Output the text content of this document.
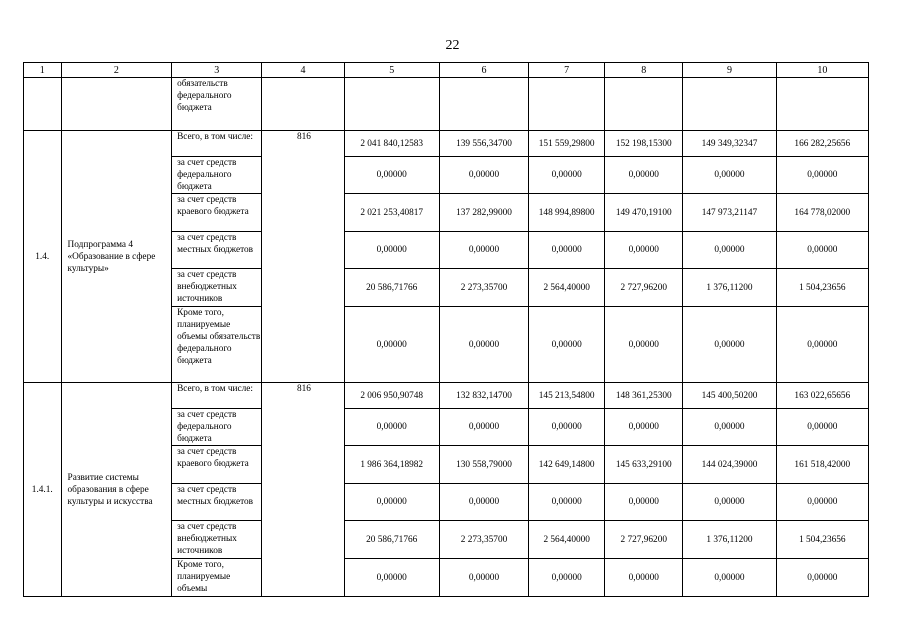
22
1	2	3	4	5	6	7	8	9	10
		обязательств федерального бюджета							
1.4.	Подпрограмма 4 «Образование в сфере культуры»	Всего, в том числе:	816	2 041 840,12583	139 556,34700	151 559,29800	152 198,15300	149 349,32347	166 282,25656
		за счет средств федерального бюджета		0,00000	0,00000	0,00000	0,00000	0,00000	0,00000
		за счет средств краевого бюджета		2 021 253,40817	137 282,99000	148 994,89800	149 470,19100	147 973,21147	164 778,02000
		за счет средств местных бюджетов		0,00000	0,00000	0,00000	0,00000	0,00000	0,00000
		за счет средств внебюджетных источников		20 586,71766	2 273,35700	2 564,40000	2 727,96200	1 376,11200	1 504,23656
		Кроме того, планируемые объемы обязательств федерального бюджета		0,00000	0,00000	0,00000	0,00000	0,00000	0,00000
1.4.1.	Развитие системы образования в сфере культуры и искусства	Всего, в том числе:	816	2 006 950,90748	132 832,14700	145 213,54800	148 361,25300	145 400,50200	163 022,65656
		за счет средств федерального бюджета		0,00000	0,00000	0,00000	0,00000	0,00000	0,00000
		за счет средств краевого бюджета		1 986 364,18982	130 558,79000	142 649,14800	145 633,29100	144 024,39000	161 518,42000
		за счет средств местных бюджетов		0,00000	0,00000	0,00000	0,00000	0,00000	0,00000
		за счет средств внебюджетных источников		20 586,71766	2 273,35700	2 564,40000	2 727,96200	1 376,11200	1 504,23656
		Кроме того, планируемые объемы		0,00000	0,00000	0,00000	0,00000	0,00000	0,00000
